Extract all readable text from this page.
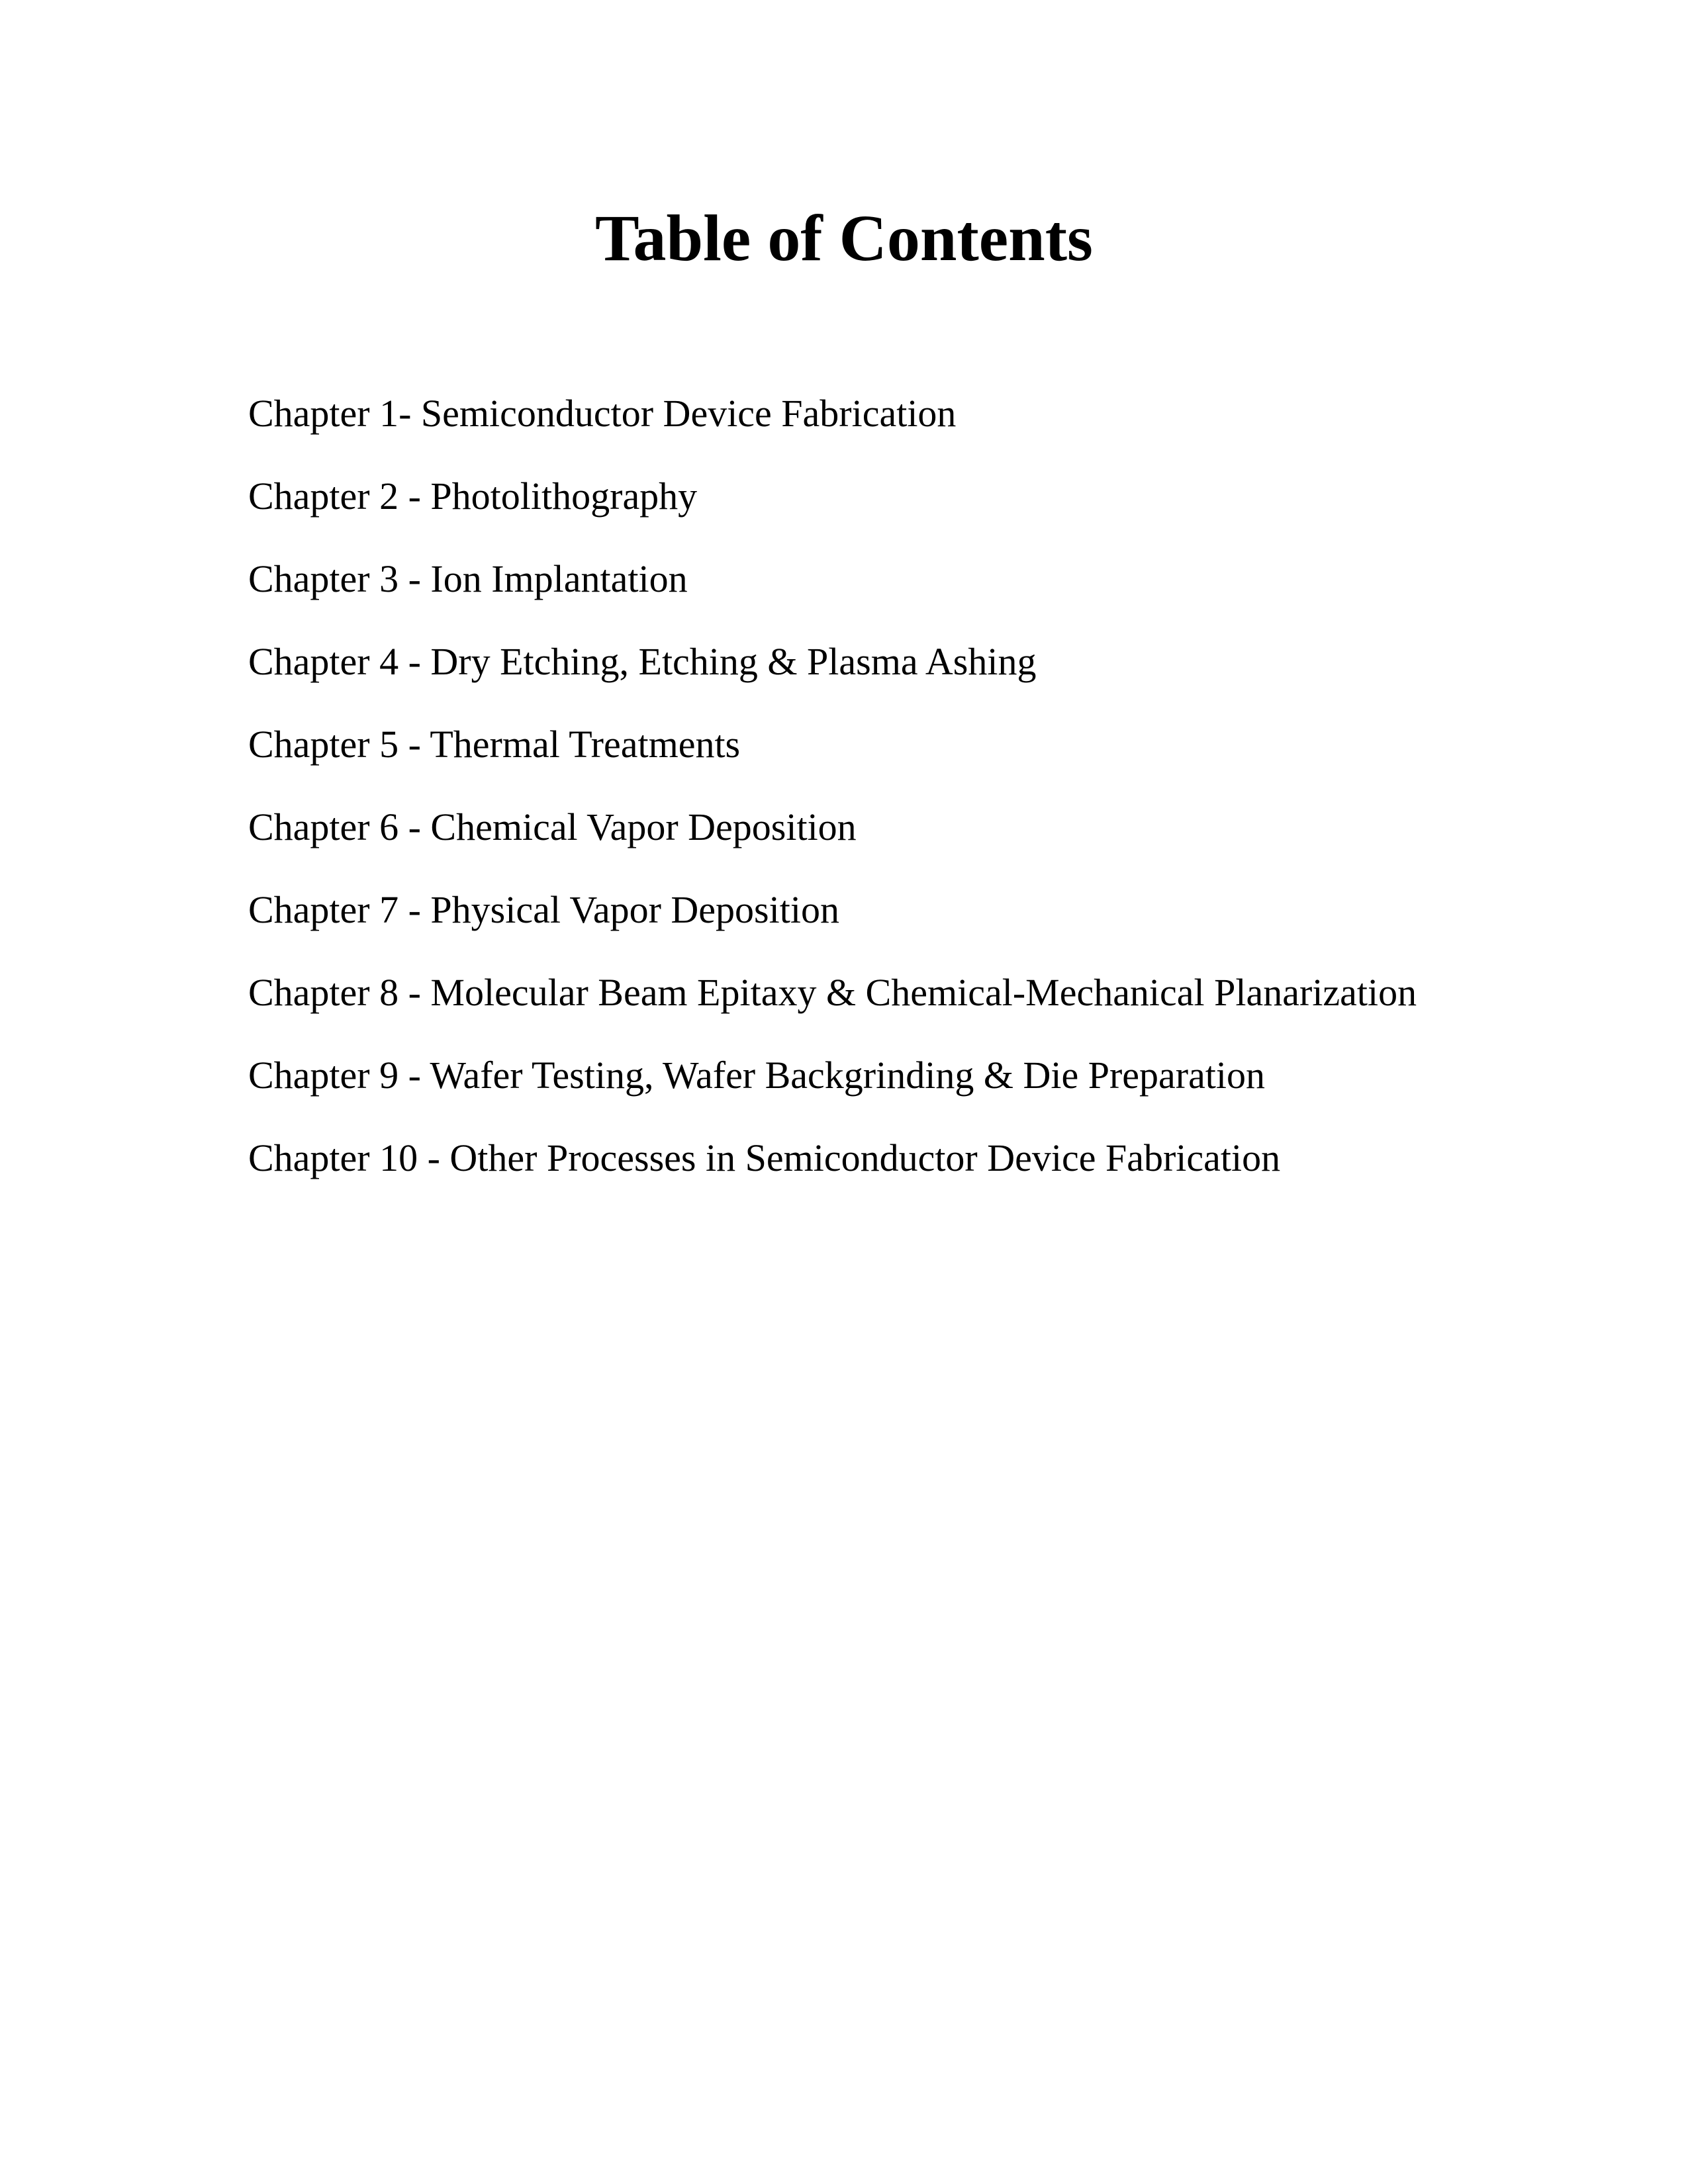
Table of Contents
Chapter 1- Semiconductor Device Fabrication
Chapter 2 - Photolithography
Chapter 3 - Ion Implantation
Chapter 4 - Dry Etching, Etching & Plasma Ashing
Chapter 5 - Thermal Treatments
Chapter 6 - Chemical Vapor Deposition
Chapter 7 - Physical Vapor Deposition
Chapter 8 - Molecular Beam Epitaxy & Chemical-Mechanical Planarization
Chapter 9 - Wafer Testing, Wafer Backgrinding & Die Preparation
Chapter 10 - Other Processes in Semiconductor Device Fabrication
